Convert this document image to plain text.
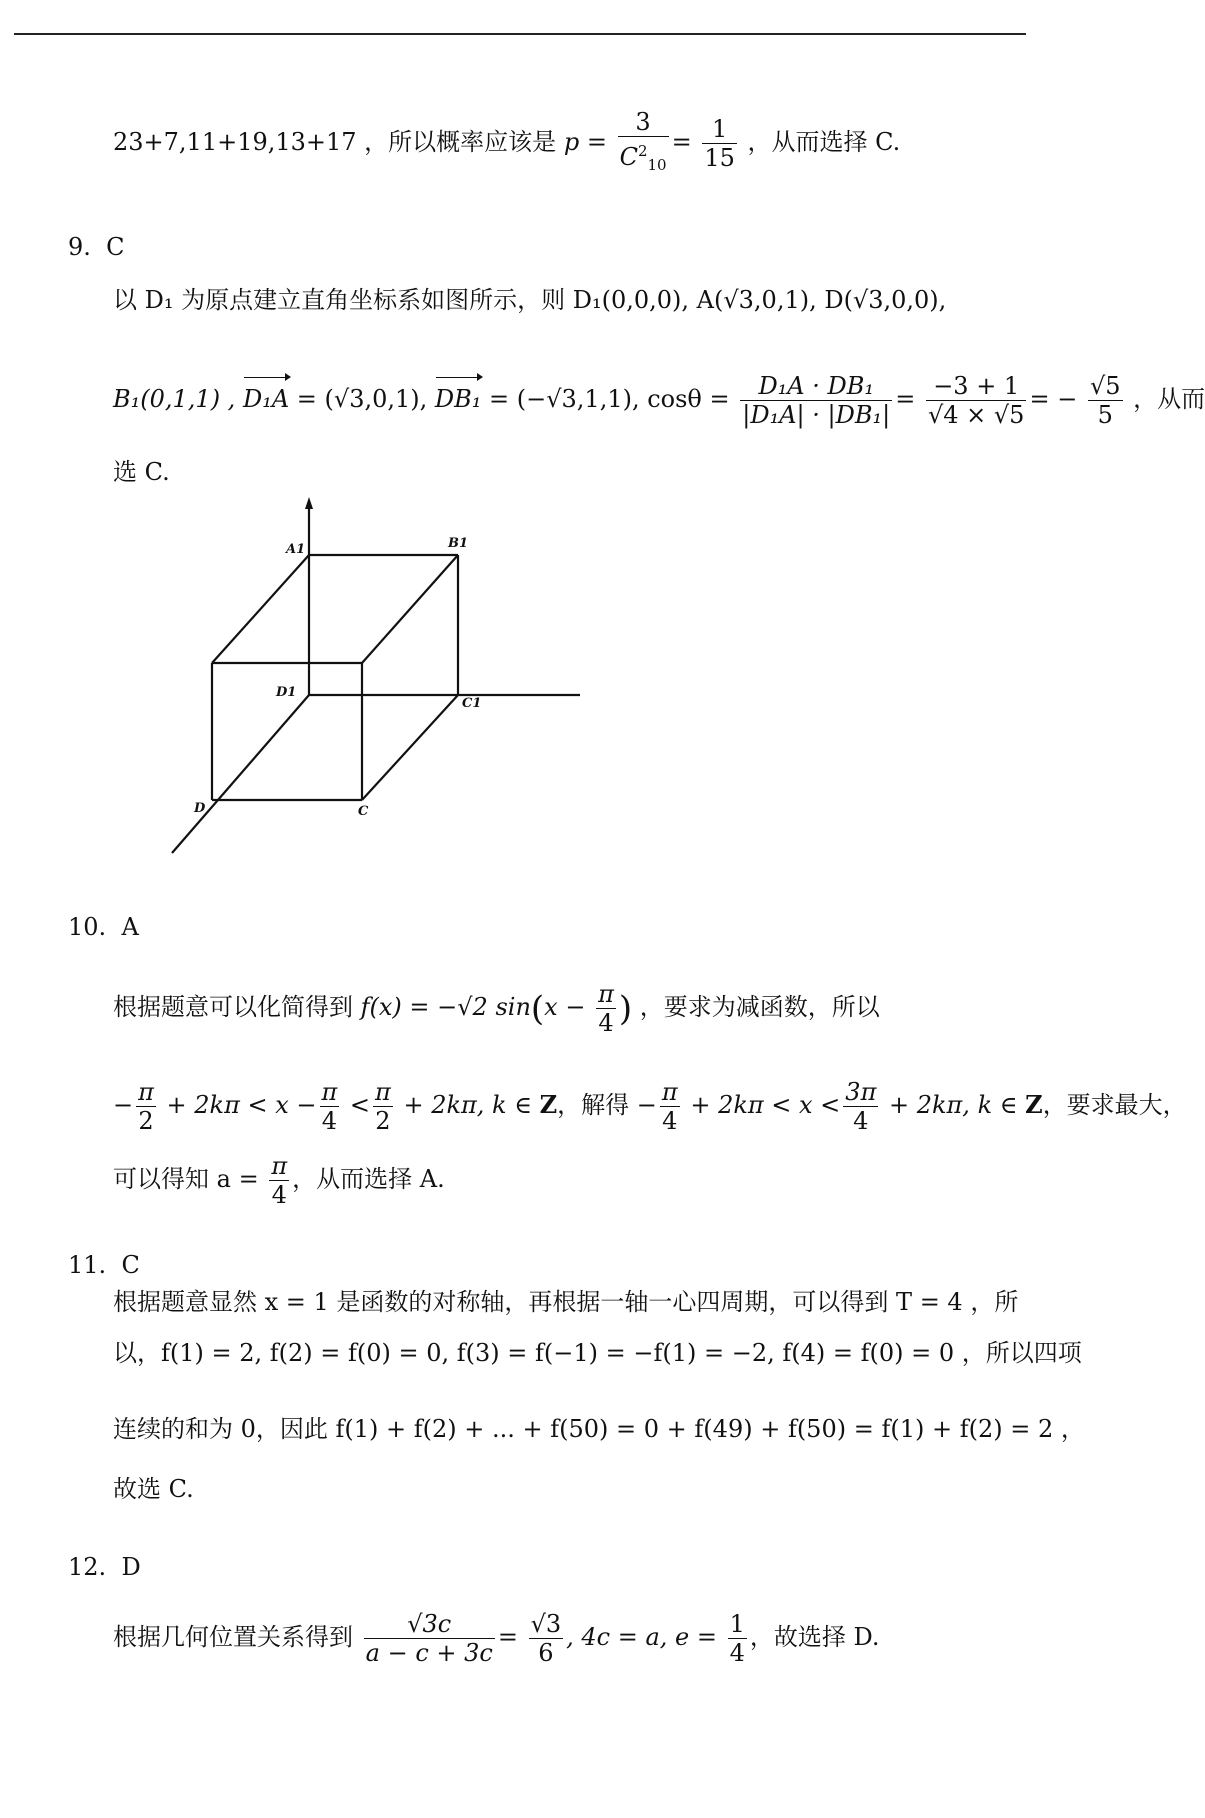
23+7,11+19,13+17 ，所以概率应该是 $p = \frac{3}{C^2_{10}} = \frac{1}{15}$ ，从而选择 C.
9. C
以 D₁ 为原点建立直角坐标系如图所示，则 D₁(0,0,0), A(√3,0,1), D(√3,0,0),
B₁(0,1,1) , D₁A = (√3,0,1), DB₁ = (−√3,1,1), $\cos\theta = \frac{\text{D₁A · DB₁}}{\text{|D₁A| · |DB₁|}} = \frac{-3 + 1}{√4 \times √5}$ = − $\frac{√5}{5}$ ，从而
选 C.
A1	B1
D1
C1
D	C
10. A
根据题意可以化简得到 f(x) = −√2 $\sin(x - \frac{\pi}{4}$ ) ，要求为减函数，所以
− $\frac{\pi}{2} + 2k\pi < x - \frac{\pi}{4} < \frac{\pi}{2} + 2k\pi$, k ∈ Z，解得 − $\frac{\pi}{4} + 2k\pi < x < \frac{3\pi}{4} + 2k\pi$, k ∈ Z，要求最大，
可以得知 $a = \frac{\pi}{4}$ ，从而选择 A.
11. C
根据题意显然 x = 1 是函数的对称轴，再根据一轴一心四周期，可以得到 T = 4 ，所
以，f(1) = 2, f(2) = f(0) = 0, f(3) = f(−1) = −f(1) = −2, f(4) = f(0) = 0 ，所以四项
连续的和为 0，因此 f(1) + f(2) + ... + f(50) = 0 + f(49) + f(50) = f(1) + f(2) = 2 ，
故选 C.
12. D
根据几何位置关系得到 $\frac{√3c}{a - c + 3c} = \frac{√3}{6}$ , 4c = a, $e = \frac{1}{4}$ ，故选择 D.
